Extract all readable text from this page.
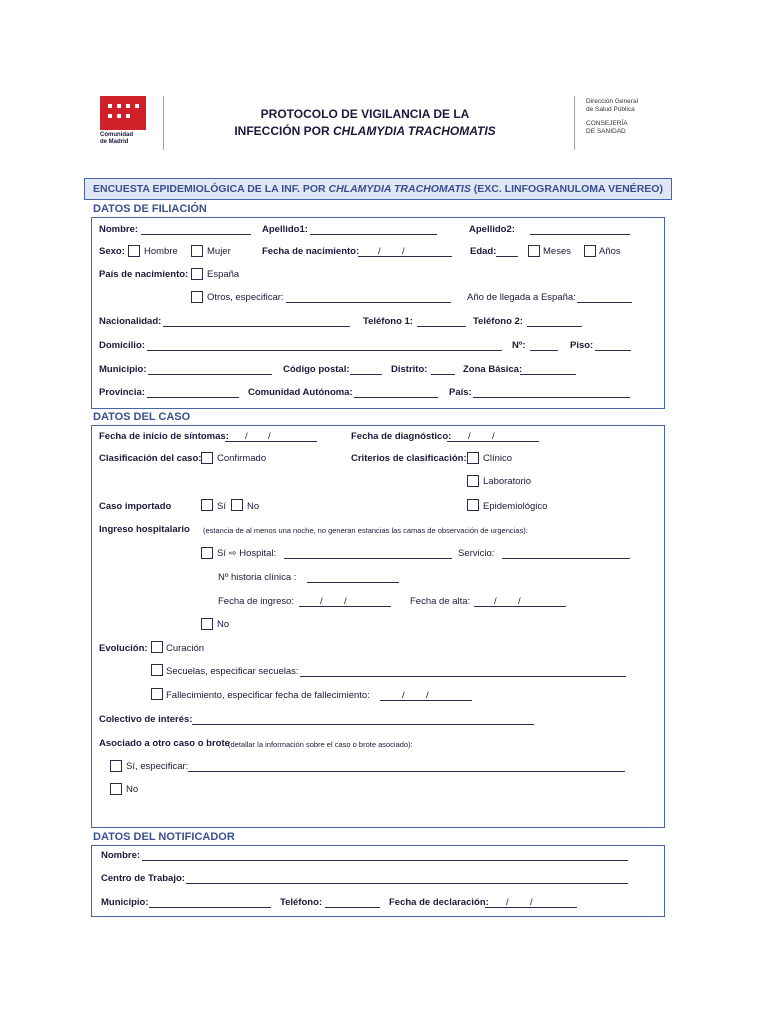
Comunidad
de Madrid
PROTOCOLO DE VIGILANCIA DE LA
INFECCIÓN POR CHLAMYDIA TRACHOMATIS
Dirección General
de Salud Pública
CONSEJERÍA
DE SANIDAD
ENCUESTA EPIDEMIOLÓGICA DE LA INF. POR CHLAMYDIA TRACHOMATIS (EXC. LINFOGRANULOMA VENÉREO)
DATOS DE FILIACIÓN
Nombre:	Apellido1:	Apellido2:
Sexo: Hombre	Mujer	Fecha de nacimiento: / /	Edad:	Meses	Años
País de nacimiento: España
Otros, especificar:	Año de llegada a España:
Nacionalidad:	Teléfono 1:	Teléfono 2:
Domicilio:	Nº:	Piso:
Municipio:	Código postal:	Distrito:	Zona Básica:
Provincia:	Comunidad Autónoma:	País:
DATOS DEL CASO
Fecha de inicio de síntomas: / /	Fecha de diagnóstico: / /
Clasificación del caso: Confirmado	Criterios de clasificación: Clínico
Laboratorio
Caso importado	Sí No	Epidemiológico
Ingreso hospitalario (estancia de al menos una noche, no generan estancias las camas de observación de urgencias):
Sí ⇨ Hospital:	Servicio:
Nº historia clínica :
Fecha de ingreso:	/ /	Fecha de alta:	/ /
No
Evolución: Curación
Secuelas, especificar secuelas:
Fallecimiento, especificar fecha de fallecimiento:	/ /
Colectivo de interés:
Asociado a otro caso o brote
(detallar la información sobre el caso o brote asociado):
Sí, especificar:
No
DATOS DEL NOTIFICADOR
Nombre:
Centro de Trabajo:
Municipio:	Teléfono:	Fecha de declaración: / /
